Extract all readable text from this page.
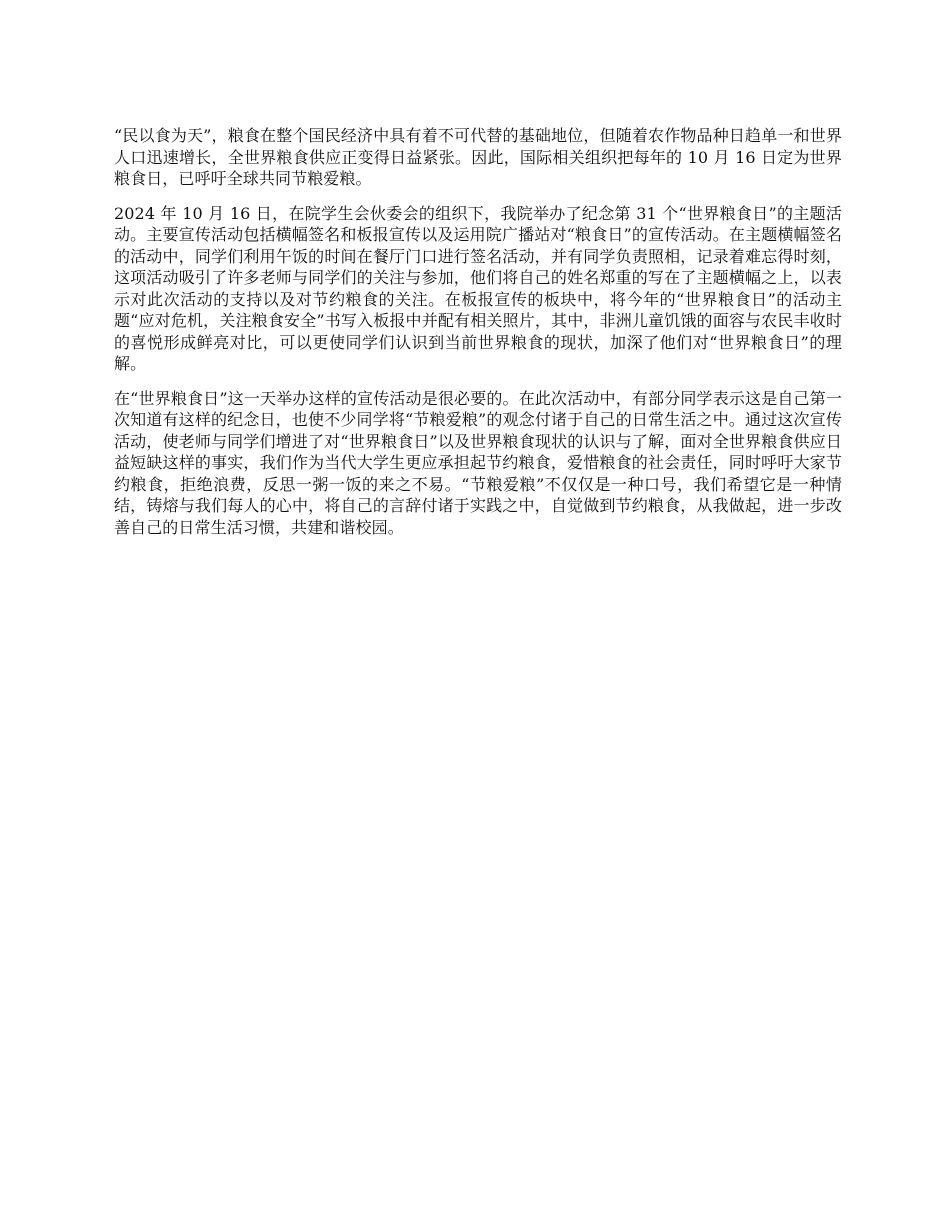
“民以食为天”，粮食在整个国民经济中具有着不可代替的基础地位，但随着农作物品种日趋单一和世界人口迅速增长，全世界粮食供应正变得日益紧张。因此，国际相关组织把每年的 10 月 16 日定为世界粮食日，已呼吁全球共同节粮爱粮。

2024 年 10 月 16 日，在院学生会伙委会的组织下，我院举办了纪念第 31 个“世界粮食日”的主题活动。主要宣传活动包括横幅签名和板报宣传以及运用院广播站对“粮食日”的宣传活动。在主题横幅签名的活动中，同学们利用午饭的时间在餐厅门口进行签名活动，并有同学负责照相，记录着难忘得时刻，这项活动吸引了许多老师与同学们的关注与参加，他们将自己的姓名郑重的写在了主题横幅之上，以表示对此次活动的支持以及对节约粮食的关注。在板报宣传的板块中，将今年的“世界粮食日”的活动主题“应对危机，关注粮食安全”书写入板报中并配有相关照片，其中，非洲儿童饥饿的面容与农民丰收时的喜悦形成鲜亮对比，可以更使同学们认识到当前世界粮食的现状，加深了他们对“世界粮食日”的理解。

在“世界粮食日”这一天举办这样的宣传活动是很必要的。在此次活动中，有部分同学表示这是自己第一次知道有这样的纪念日，也使不少同学将“节粮爱粮”的观念付诸于自己的日常生活之中。通过这次宣传活动，使老师与同学们增进了对“世界粮食日”以及世界粮食现状的认识与了解，面对全世界粮食供应日益短缺这样的事实，我们作为当代大学生更应承担起节约粮食，爱惜粮食的社会责任，同时呼吁大家节约粮食，拒绝浪费，反思一粥一饭的来之不易。“节粮爱粮”不仅仅是一种口号，我们希望它是一种情结，铸熔与我们每人的心中，将自己的言辞付诸于实践之中，自觉做到节约粮食，从我做起，进一步改善自己的日常生活习惯，共建和谐校园。
